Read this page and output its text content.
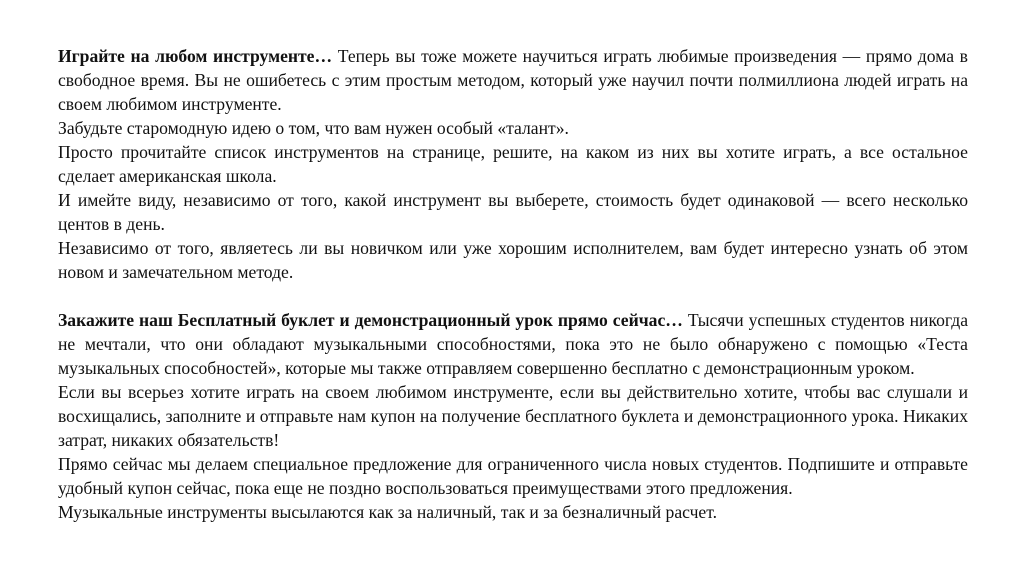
Играйте на любом инструменте… Теперь вы тоже можете научиться играть любимые произведения — прямо дома в свободное время. Вы не ошибетесь с этим простым методом, который уже научил почти полмиллиона людей играть на своем любимом инструменте.

Забудьте старомодную идею о том, что вам нужен особый «талант».

Просто прочитайте список инструментов на странице, решите, на каком из них вы хотите играть, а все остальное сделает американская школа.

И имейте виду, независимо от того, какой инструмент вы выберете, стоимость будет одинаковой — всего несколько центов в день.

Независимо от того, являетесь ли вы новичком или уже хорошим исполнителем, вам будет интересно узнать об этом новом и замечательном методе.

Закажите наш Бесплатный буклет и демонстрационный урок прямо сейчас… Тысячи успешных студентов никогда не мечтали, что они обладают музыкальными способностями, пока это не было обнаружено с помощью «Теста музыкальных способностей», которые мы также отправляем совершенно бесплатно с демонстрационным уроком.

Если вы всерьез хотите играть на своем любимом инструменте, если вы действительно хотите, чтобы вас слушали и восхищались, заполните и отправьте нам купон на получение бесплатного буклета и демонстрационного урока. Никаких затрат, никаких обязательств!

Прямо сейчас мы делаем специальное предложение для ограниченного числа новых студентов. Подпишите и отправьте удобный купон сейчас, пока еще не поздно воспользоваться преимуществами этого предложения.

Музыкальные инструменты высылаются как за наличный, так и за безналичный расчет.
